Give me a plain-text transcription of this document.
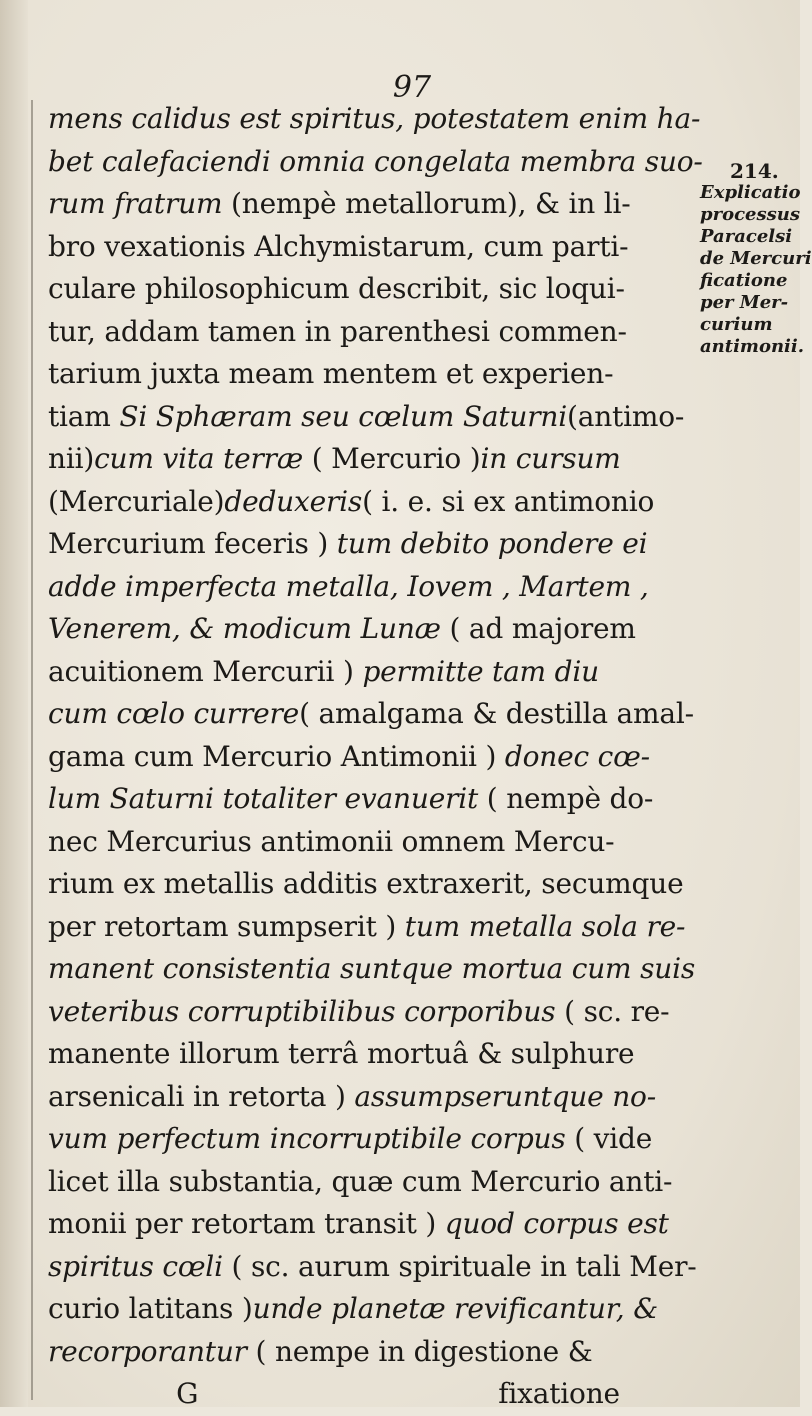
97
mens calidus est spiritus, potestatem enim ha-
bet calefaciendi omnia congelata membra suo-
rum fratrum (nempè metallorum), & in li-
bro vexationis Alchymistarum, cum parti-
culare philosophicum describit, sic loqui-
tur, addam tamen in parenthesi commen-
tarium juxta meam mentem et experien-
tiam Si Sphæram seu cœlum Saturni(antimo-
nii)cum vita terræ ( Mercurio )in cursum
(Mercuriale)deduxeris( i. e. si ex antimonio
Mercurium feceris ) tum debito pondere ei
adde imperfecta metalla, Iovem , Martem ,
Venerem, & modicum Lunæ ( ad majorem
acuitionem Mercurii ) permitte tam diu
cum cœlo currere( amalgama & destilla amal-
gama cum Mercurio Antimonii ) donec cœ-
lum Saturni totaliter evanuerit ( nempè do-
nec Mercurius antimonii omnem Mercu-
rium ex metallis additis extraxerit, secumque
per retortam sumpserit ) tum metalla sola re-
manent consistentia suntque mortua cum suis
veteribus corruptibilibus corporibus ( sc. re-
manente illorum terrâ mortuâ & sulphure
arsenicali in retorta ) assumpseruntque no-
vum perfectum incorruptibile corpus ( vide
licet illa substantia, quæ cum Mercurio anti-
monii per retortam transit ) quod corpus est
spiritus cœli ( sc. aurum spirituale in tali Mer-
curio latitans )unde planetæ revificantur, &
recorporantur ( nempe in digestione &
G	fixatione
214.
Explicatio
processus
Paracelsi
de Mercuri
ficatione
per Mer-
curium
antimonii.
